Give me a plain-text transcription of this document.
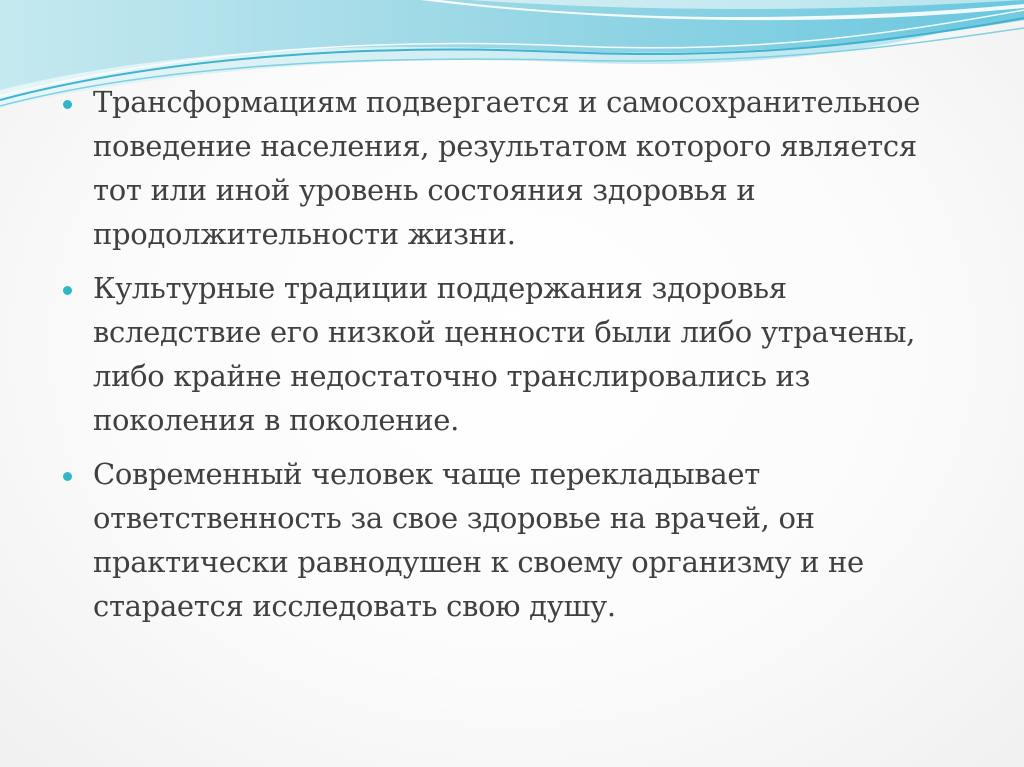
Трансформациям подвергается и самосохранительное поведение населения, результатом которого является тот или иной уровень состояния здоровья и продолжительности жизни.
Культурные традиции поддержания здоровья вследствие его низкой ценности были либо утрачены, либо крайне недостаточно транслировались из поколения в поколение.
Современный человек чаще перекладывает ответственность за свое здоровье на врачей, он практически равнодушен к своему организму и не старается исследовать свою душу.
